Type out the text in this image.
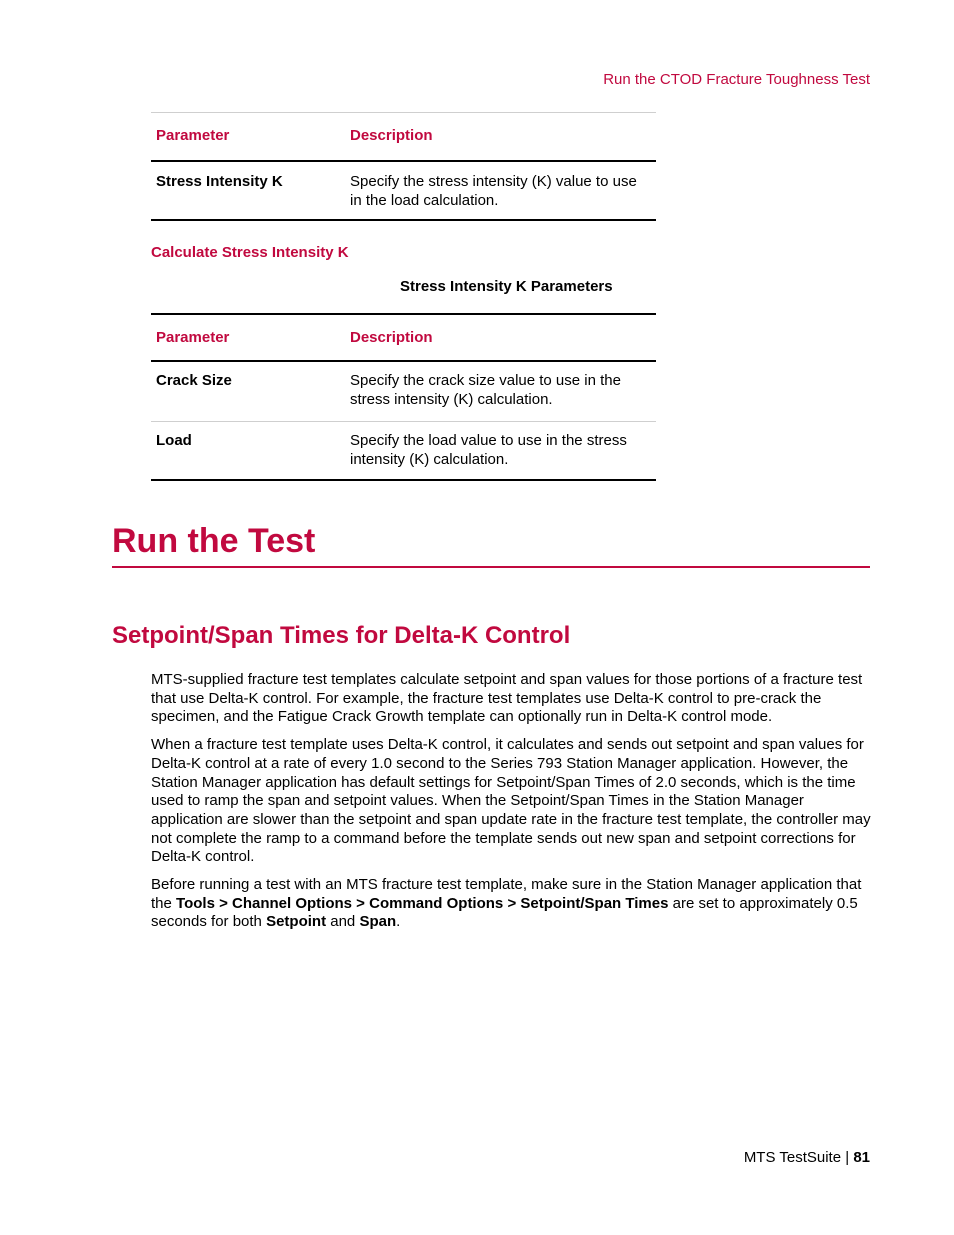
Run the CTOD Fracture Toughness Test
Parameter	Description
Stress Intensity K	Specify the stress intensity (K) value to use in the load calculation.
Calculate Stress Intensity K
Stress Intensity K Parameters
Parameter	Description
Crack Size	Specify the crack size value to use in the stress intensity (K) calculation.
Load	Specify the load value to use in the stress intensity (K) calculation.
Run the Test
Setpoint/Span Times for Delta-K Control

MTS-supplied fracture test templates calculate setpoint and span values for those portions of a fracture test that use Delta-K control. For example, the fracture test templates use Delta-K control to pre-crack the specimen, and the Fatigue Crack Growth template can optionally run in Delta-K control mode.

When a fracture test template uses Delta-K control, it calculates and sends out setpoint and span values for Delta-K control at a rate of every 1.0 second to the Series 793 Station Manager application. However, the Station Manager application has default settings for Setpoint/Span Times of 2.0 seconds, which is the time used to ramp the span and setpoint values. When the Setpoint/Span Times in the Station Manager application are slower than the setpoint and span update rate in the fracture test template, the controller may not complete the ramp to a command before the template sends out new span and setpoint corrections for Delta-K control.

Before running a test with an MTS fracture test template, make sure in the Station Manager application that the Tools > Channel Options > Command Options > Setpoint/Span Times are set to approximately 0.5 seconds for both Setpoint and Span.

MTS TestSuite | 81
